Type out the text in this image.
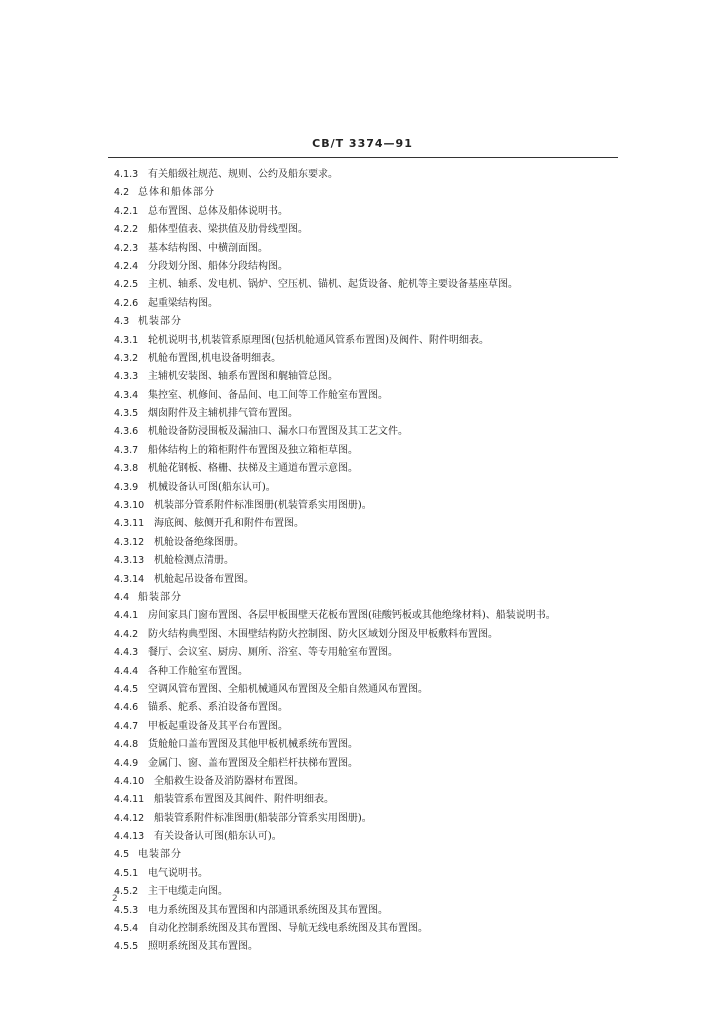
CB/T 3374—91
4.1.3 有关船级社规范、规则、公约及船东要求。
4.2 总体和船体部分
4.2.1 总布置图、总体及船体说明书。
4.2.2 船体型值表、梁拱值及肋骨线型图。
4.2.3 基本结构图、中横剖面图。
4.2.4 分段划分图、船体分段结构图。
4.2.5 主机、轴系、发电机、锅炉、空压机、锚机、起货设备、舵机等主要设备基座草图。
4.2.6 起重梁结构图。
4.3 机装部分
4.3.1 轮机说明书,机装管系原理图(包括机舱通风管系布置图)及阀件、附件明细表。
4.3.2 机舱布置图,机电设备明细表。
4.3.3 主辅机安装图、轴系布置图和艉轴管总图。
4.3.4 集控室、机修间、备品间、电工间等工作舱室布置图。
4.3.5 烟囱附件及主辅机排气管布置图。
4.3.6 机舱设备防浸围板及漏油口、漏水口布置图及其工艺文件。
4.3.7 船体结构上的箱柜附件布置图及独立箱柜草图。
4.3.8 机舱花钢板、格栅、扶梯及主通道布置示意图。
4.3.9 机械设备认可图(船东认可)。
4.3.10 机装部分管系附件标准图册(机装管系实用图册)。
4.3.11 海底阀、舷侧开孔和附件布置图。
4.3.12 机舱设备绝缘图册。
4.3.13 机舱检测点清册。
4.3.14 机舱起吊设备布置图。
4.4 船装部分
4.4.1 房间家具门窗布置图、各层甲板围壁天花板布置图(硅酸钙板或其他绝缘材料)、船装说明书。
4.4.2 防火结构典型图、木围壁结构防火控制图、防火区域划分图及甲板敷料布置图。
4.4.3 餐厅、会议室、厨房、厕所、浴室、等专用舱室布置图。
4.4.4 各种工作舱室布置图。
4.4.5 空调风管布置图、全船机械通风布置图及全船自然通风布置图。
4.4.6 锚系、舵系、系泊设备布置图。
4.4.7 甲板起重设备及其平台布置图。
4.4.8 货舱舱口盖布置图及其他甲板机械系统布置图。
4.4.9 金属门、窗、盖布置图及全船栏杆扶梯布置图。
4.4.10 全船救生设备及消防器材布置图。
4.4.11 船装管系布置图及其阀件、附件明细表。
4.4.12 船装管系附件标准图册(船装部分管系实用图册)。
4.4.13 有关设备认可图(船东认可)。
4.5 电装部分
4.5.1 电气说明书。
4.5.2 主干电缆走向图。
4.5.3 电力系统图及其布置图和内部通讯系统图及其布置图。
4.5.4 自动化控制系统图及其布置图、导航无线电系统图及其布置图。
4.5.5 照明系统图及其布置图。
2
